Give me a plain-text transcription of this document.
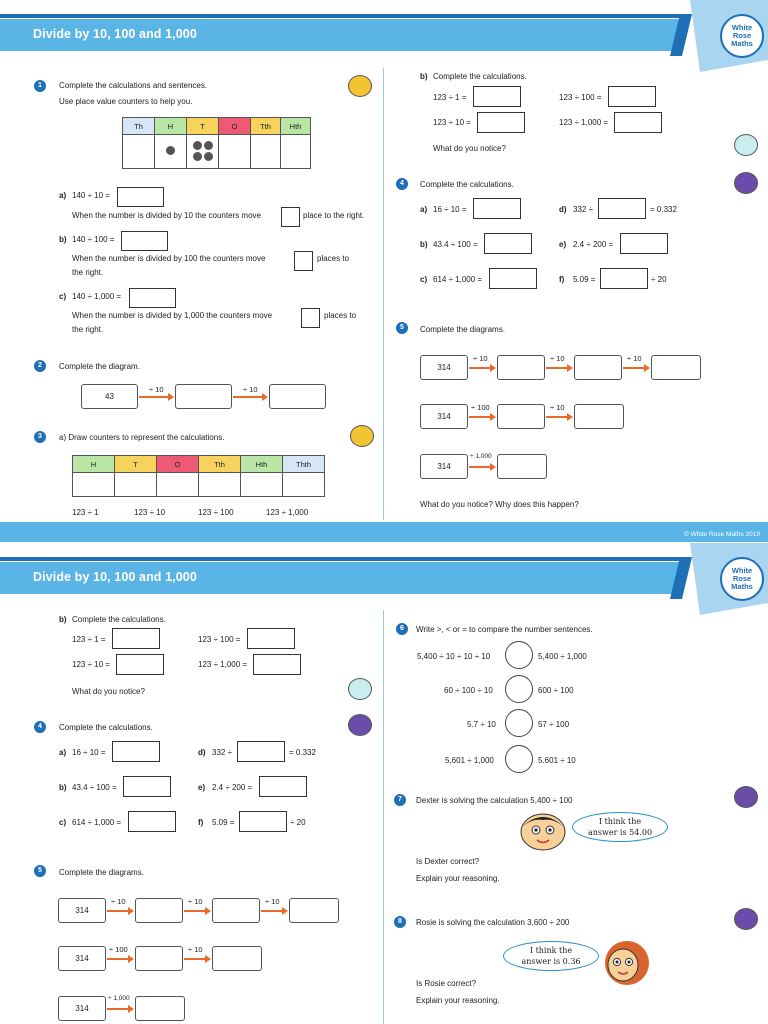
Divide by 10, 100 and 1,000	White
Rose
Maths
1	Complete the calculations and sentences.
Use place value counters to help you.
Th	H	T	O	Tth	Hth

a) 140 ÷ 10 =
When the number is divided by 10 the counters move	place to the right.
b) 140 ÷ 100 =
When the number is divided by 100 the counters move	places to
the right.
c) 140 ÷ 1,000 =
When the number is divided by 1,000 the counters move	places to
the right.
2	Complete the diagram.
43
÷ 10	÷ 10
3	a) Draw counters to represent the calculations.
H	T	O	Tth	Hth	Thth

123 ÷ 1	123 ÷ 10	123 ÷ 100	123 ÷ 1,000
b) Complete the calculations.
123 ÷ 1 =	123 ÷ 100 =
123 ÷ 10 =	123 ÷ 1,000 =
What do you notice?
4	Complete the calculations.
a) 16 ÷ 10 =	d) 332 ÷	= 0.332
b) 43.4 ÷ 100 =	e) 2.4 ÷ 200 =
c) 614 ÷ 1,000 =	f) 5.09 =	÷ 20
5	Complete the diagrams.
314
÷ 10	÷ 10	÷ 10
314
÷ 100	÷ 10
314
÷ 1,000
What do you notice? Why does this happen?
© White Rose Maths 2019
Divide by 10, 100 and 1,000	White
Rose
Maths
b) Complete the calculations.
123 ÷ 1 =	123 ÷ 100 =
123 ÷ 10 =	123 ÷ 1,000 =
What do you notice?
4	Complete the calculations.
a) 16 ÷ 10 =	d) 332 ÷	= 0.332
b) 43.4 ÷ 100 =	e) 2.4 ÷ 200 =
c) 614 ÷ 1,000 =	f) 5.09 =	÷ 20
5	Complete the diagrams.
314
÷ 10	÷ 10	÷ 10
314
÷ 100	÷ 10
314
÷ 1,000
6	Write >, < or = to compare the number sentences.
5,400 ÷ 10 ÷ 10 ÷ 10	5,400 ÷ 1,000
60 ÷ 100 ÷ 10	600 ÷ 100
5.7 ÷ 10	57 ÷ 100
5,601 ÷ 1,000	5.601 ÷ 10
7	Dexter is solving the calculation 5,400 ÷ 100
I think the
answer is 54.00
Is Dexter correct?
Explain your reasoning.
8	Rosie is solving the calculation 3,600 ÷ 200
I think the
answer is 0.36
Is Rosie correct?
Explain your reasoning.
